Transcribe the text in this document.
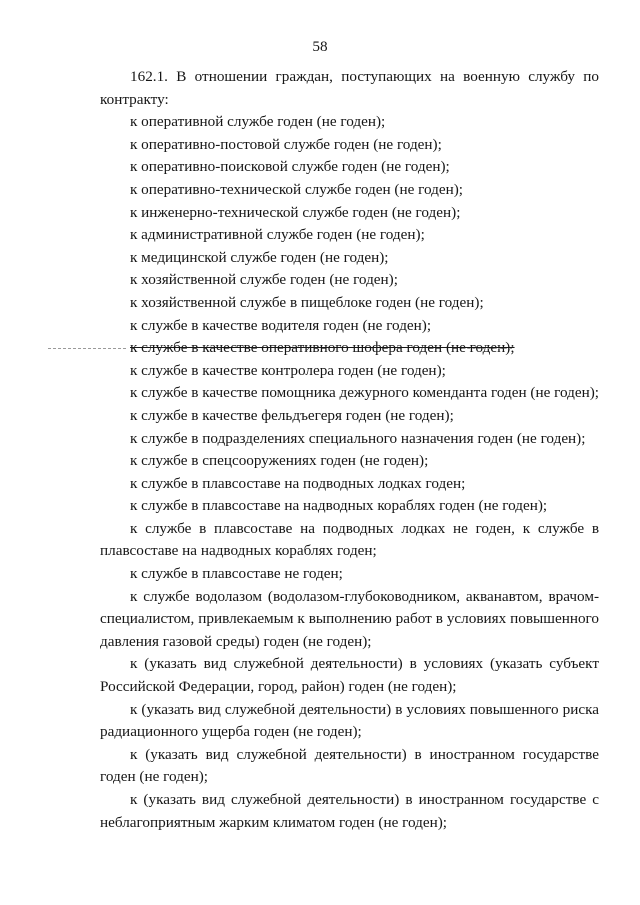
58

162.1. В отношении граждан, поступающих на военную службу по контракту:

к оперативной службе годен (не годен);

к оперативно-постовой службе годен (не годен);

к оперативно-поисковой службе годен (не годен);

к оперативно-технической службе годен (не годен);

к инженерно-технической службе годен (не годен);

к административной службе годен (не годен);

к медицинской службе годен (не годен);

к хозяйственной службе годен (не годен);

к хозяйственной службе в пищеблоке годен (не годен);

к службе в качестве водителя годен (не годен);

к службе в качестве оперативного шофера годен (не годен);

к службе в качестве контролера годен (не годен);

к службе в качестве помощника дежурного коменданта годен (не годен);

к службе в качестве фельдъегеря годен (не годен);

к службе в подразделениях специального назначения годен (не годен);

к службе в спецсооружениях годен (не годен);

к службе в плавсоставе на подводных лодках годен;

к службе в плавсоставе на надводных кораблях годен (не годен);

к службе в плавсоставе на подводных лодках не годен, к службе в плавсоставе на надводных кораблях годен;

к службе в плавсоставе не годен;

к службе водолазом (водолазом-глубоководником, акванавтом, врачом-специалистом, привлекаемым к выполнению работ в условиях повышенного давления газовой среды) годен (не годен);

к (указать вид служебной деятельности) в условиях (указать субъект Российской Федерации, город, район) годен (не годен);

к (указать вид служебной деятельности) в условиях повышенного риска радиационного ущерба годен (не годен);

к (указать вид служебной деятельности) в иностранном государстве годен (не годен);

к (указать вид служебной деятельности) в иностранном государстве с неблагоприятным жарким климатом годен (не годен);
